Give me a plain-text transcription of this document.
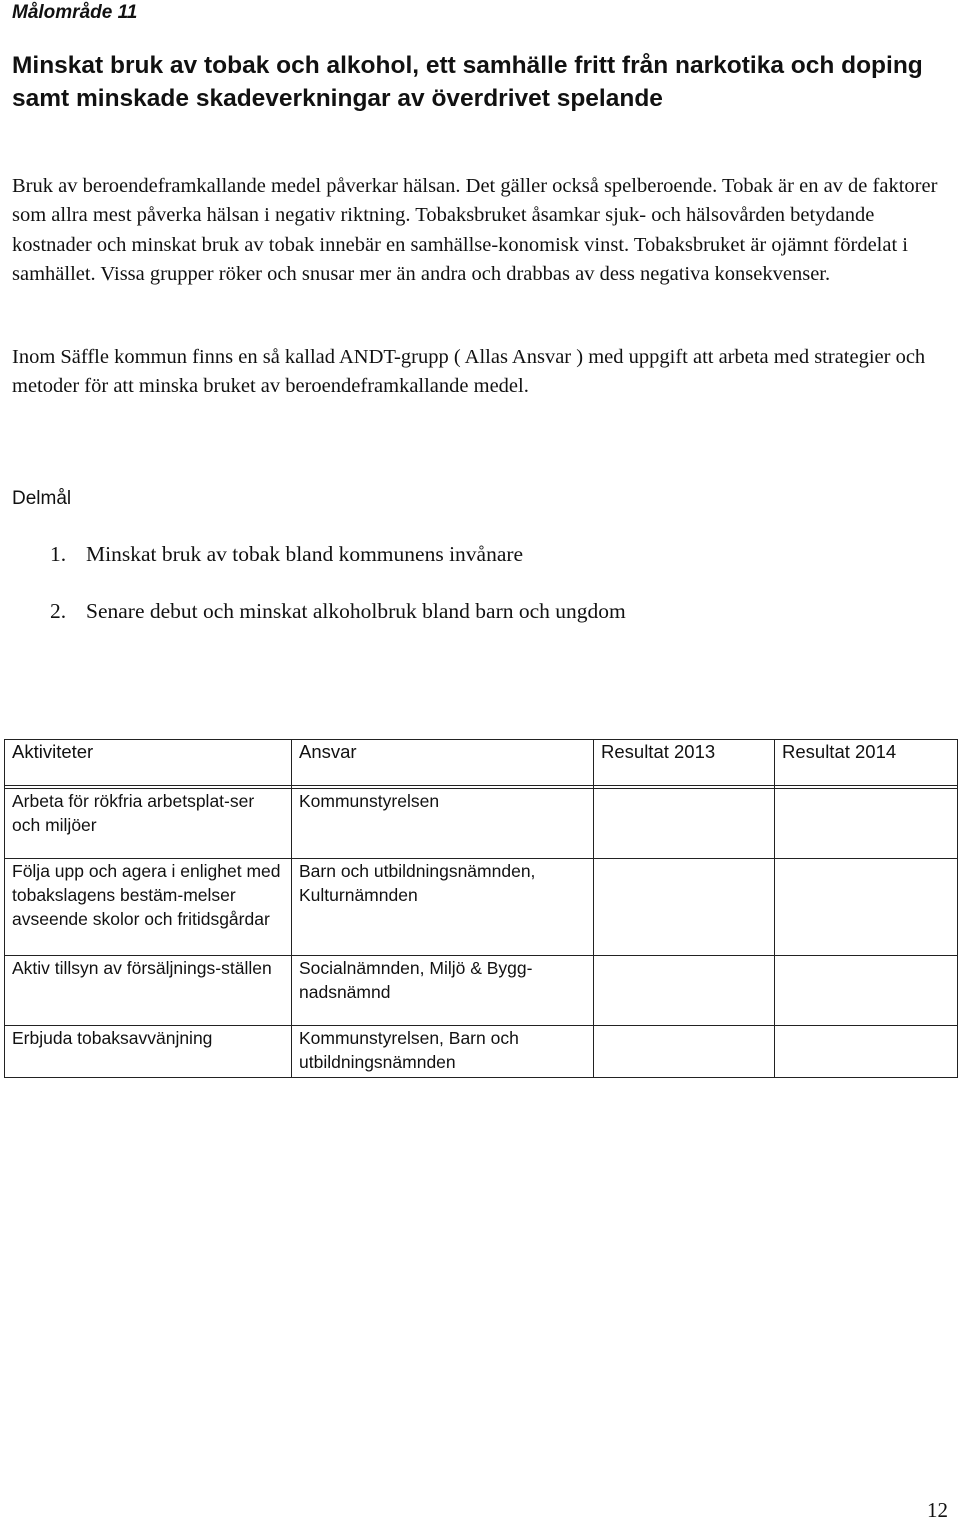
Målområde 11
Minskat bruk av tobak och alkohol, ett samhälle fritt från narkotika och doping samt minskade skadeverkningar av överdrivet spelande

Bruk av beroendeframkallande medel påverkar hälsan. Det gäller också spelberoende. Tobak är en av de faktorer som allra mest påverka hälsan i negativ riktning. Tobaksbruket åsamkar sjuk- och hälsovården betydande kostnader och minskat bruk av tobak innebär en samhällse-konomisk vinst. Tobaksbruket är ojämnt fördelat i samhället. Vissa grupper röker och snusar mer än andra och drabbas av dess negativa konsekvenser.

Inom Säffle kommun finns en så kallad ANDT-grupp ( Allas Ansvar ) med uppgift att arbeta med strategier och metoder för att minska bruket av beroendeframkallande medel.

Delmål
1. Minskat bruk av tobak bland kommunens invånare
2. Senare debut och minskat alkoholbruk bland barn och ungdom
Aktiviteter	Ansvar	Resultat 2013	Resultat 2014

Arbeta för rökfria arbetsplat-ser och miljöer	Kommunstyrelsen		
Följa upp och agera i enlighet med tobakslagens bestäm-melser avseende skolor och fritidsgårdar	Barn och utbildningsnämnden, Kulturnämnden		
Aktiv tillsyn av försäljnings-ställen	Socialnämnden, Miljö & Bygg-nadsnämnd		
Erbjuda tobaksavvänjning	Kommunstyrelsen, Barn och utbildningsnämnden		
12
